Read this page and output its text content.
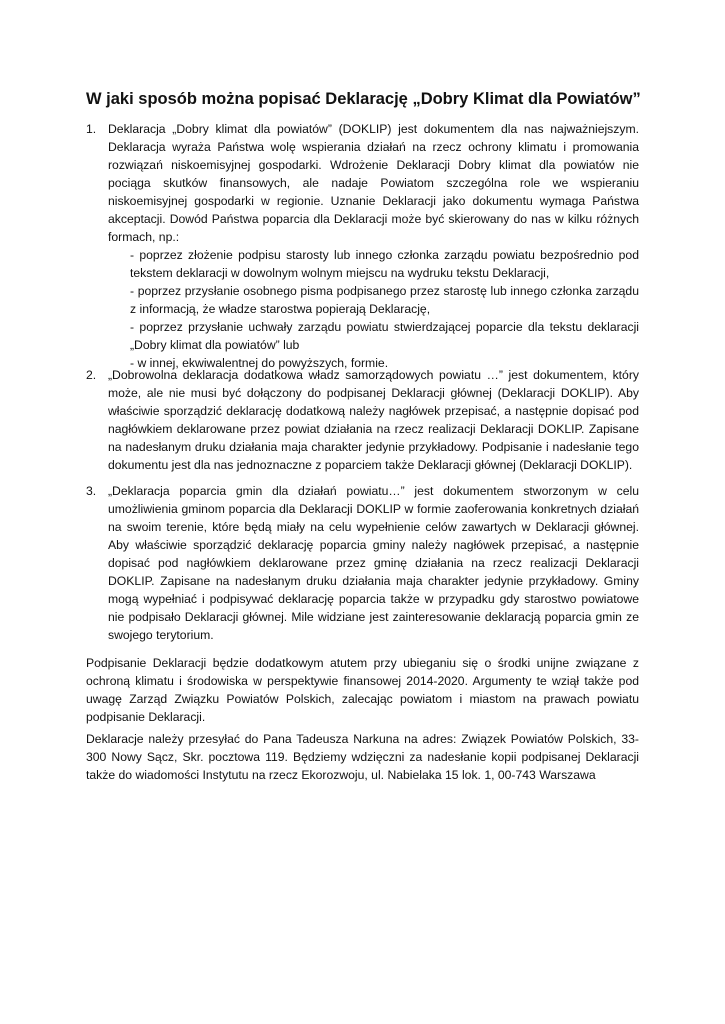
W jaki sposób można popisać Deklarację „Dobry Klimat dla Powiatów”
1. Deklaracja „Dobry klimat dla powiatów” (DOKLIP) jest dokumentem dla nas najważniejszym. Deklaracja wyraża Państwa wolę wspierania działań na rzecz ochrony klimatu i promowania rozwiązań niskoemisyjnej gospodarki. Wdrożenie Deklaracji Dobry klimat dla powiatów nie pociąga skutków finansowych, ale nadaje Powiatom szczególna role we wspieraniu niskoemisyjnej gospodarki w regionie. Uznanie Deklaracji jako dokumentu wymaga Państwa akceptacji. Dowód Państwa poparcia dla Deklaracji może być skierowany do nas w kilku różnych formach, np.:
- poprzez złożenie podpisu starosty lub innego członka zarządu powiatu bezpośrednio pod tekstem deklaracji w dowolnym wolnym miejscu na wydruku tekstu Deklaracji,
- poprzez przysłanie osobnego pisma podpisanego przez starostę lub innego członka zarządu z informacją, że władze starostwa popierają Deklarację,
- poprzez przysłanie uchwały zarządu powiatu stwierdzającej poparcie dla tekstu deklaracji „Dobry klimat dla powiatów” lub
- w innej, ekwiwalentnej do powyższych, formie.
2. „Dobrowolna deklaracja dodatkowa władz samorządowych powiatu …” jest dokumentem, który może, ale nie musi być dołączony do podpisanej Deklaracji głównej (Deklaracji DOKLIP). Aby właściwie sporządzić deklarację dodatkową należy nagłówek przepisać, a następnie dopisać pod nagłówkiem deklarowane przez powiat działania na rzecz realizacji Deklaracji DOKLIP. Zapisane na nadesłanym druku działania maja charakter jedynie przykładowy. Podpisanie i nadesłanie tego dokumentu jest dla nas jednoznaczne z poparciem także Deklaracji głównej (Deklaracji DOKLIP).
3. „Deklaracja poparcia gmin dla działań powiatu…” jest dokumentem stworzonym w celu umożliwienia gminom poparcia dla Deklaracji DOKLIP w formie zaoferowania konkretnych działań na swoim terenie, które będą miały na celu wypełnienie celów zawartych w Deklaracji głównej. Aby właściwie sporządzić deklarację poparcia gminy należy nagłówek przepisać, a następnie dopisać pod nagłówkiem deklarowane przez gminę działania na rzecz realizacji Deklaracji DOKLIP. Zapisane na nadesłanym druku działania maja charakter jedynie przykładowy. Gminy mogą wypełniać i podpisywać deklarację poparcia także w przypadku gdy starostwo powiatowe nie podpisało Deklaracji głównej. Mile widziane jest zainteresowanie deklaracją poparcia gmin ze swojego terytorium.

Podpisanie Deklaracji będzie dodatkowym atutem przy ubieganiu się o środki unijne związane z ochroną klimatu i środowiska w perspektywie finansowej 2014-2020. Argumenty te wziął także pod uwagę Zarząd Związku Powiatów Polskich, zalecając powiatom i miastom na prawach powiatu podpisanie Deklaracji.

Deklaracje należy przesyłać do Pana Tadeusza Narkuna na adres: Związek Powiatów Polskich, 33-300 Nowy Sącz, Skr. pocztowa 119. Będziemy wdzięczni za nadesłanie kopii podpisanej Deklaracji także do wiadomości Instytutu na rzecz Ekorozwoju, ul. Nabielaka 15 lok. 1, 00-743 Warszawa
